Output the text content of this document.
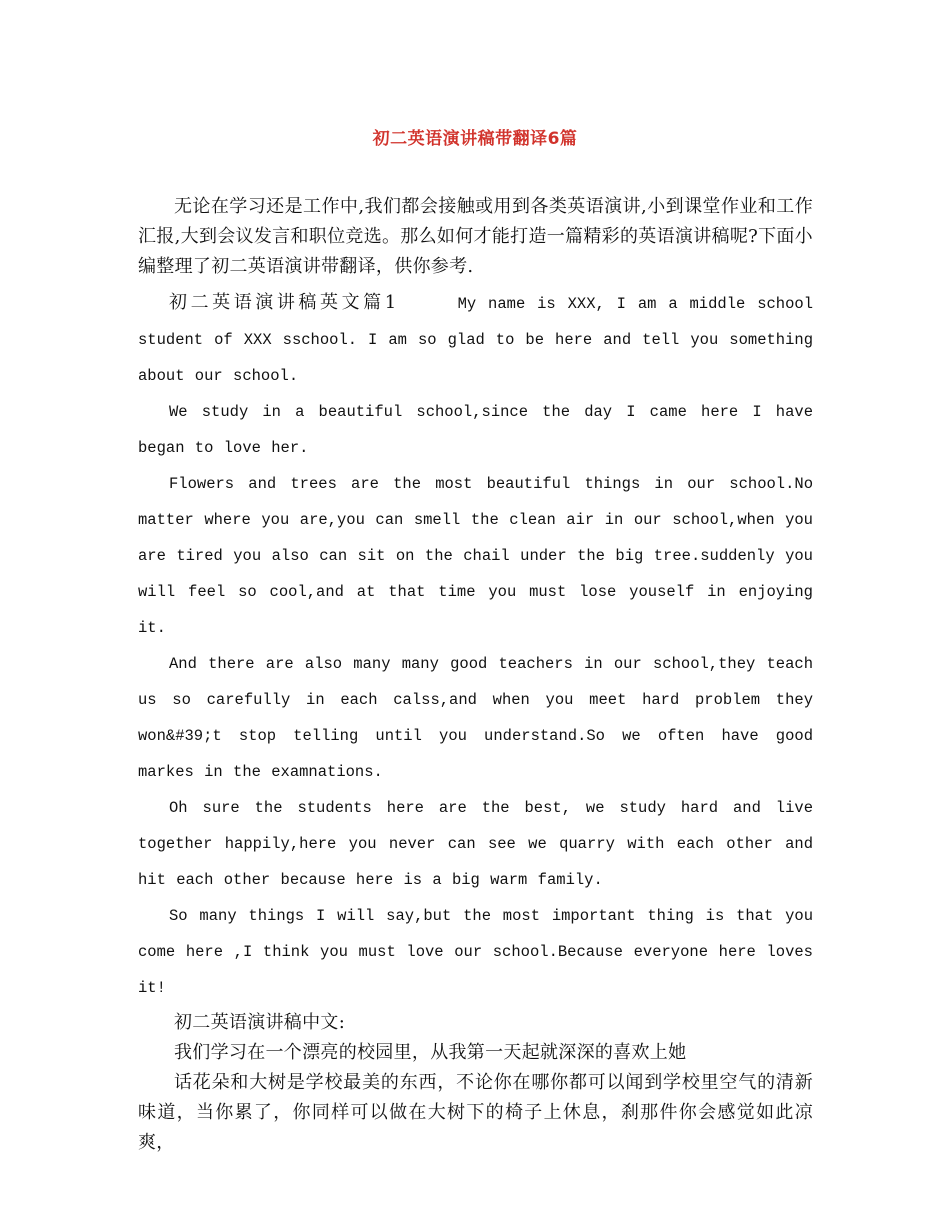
初二英语演讲稿带翻译6篇

无论在学习还是工作中,我们都会接触或用到各类英语演讲,小到课堂作业和工作汇报,大到会议发言和职位竞选。那么如何才能打造一篇精彩的英语演讲稿呢?下面小编整理了初二英语演讲带翻译，供你参考.

初二英语演讲稿英文篇1	My name is XXX, I am a middle school student of XXX sschool. I am so glad to be here and tell you something about our school.

We study in a beautiful school,since the day I came here I have began to love her.

Flowers and trees are the most beautiful things in our school.No matter where you are,you can smell the clean air in our school,when you are tired you also can sit on the chail under the big tree.suddenly you will feel so cool,and at that time you must lose youself in enjoying it.

And there are also many many good teachers in our school,they teach us so carefully in each calss,and when you meet hard problem they won&#39;t stop telling until you understand.So we often have good markes in the examnations.

Oh sure the students here are the best, we study hard and live together happily,here you never can see we quarry with each other and hit each other because here is a big warm family.

So many things I will say,but the most important thing is that you come here ,I think you must love our school.Because everyone here loves it!

初二英语演讲稿中文:

我们学习在一个漂亮的校园里，从我第一天起就深深的喜欢上她

话花朵和大树是学校最美的东西，不论你在哪你都可以闻到学校里空气的清新味道，当你累了，你同样可以做在大树下的椅子上休息，刹那件你会感觉如此凉爽，
